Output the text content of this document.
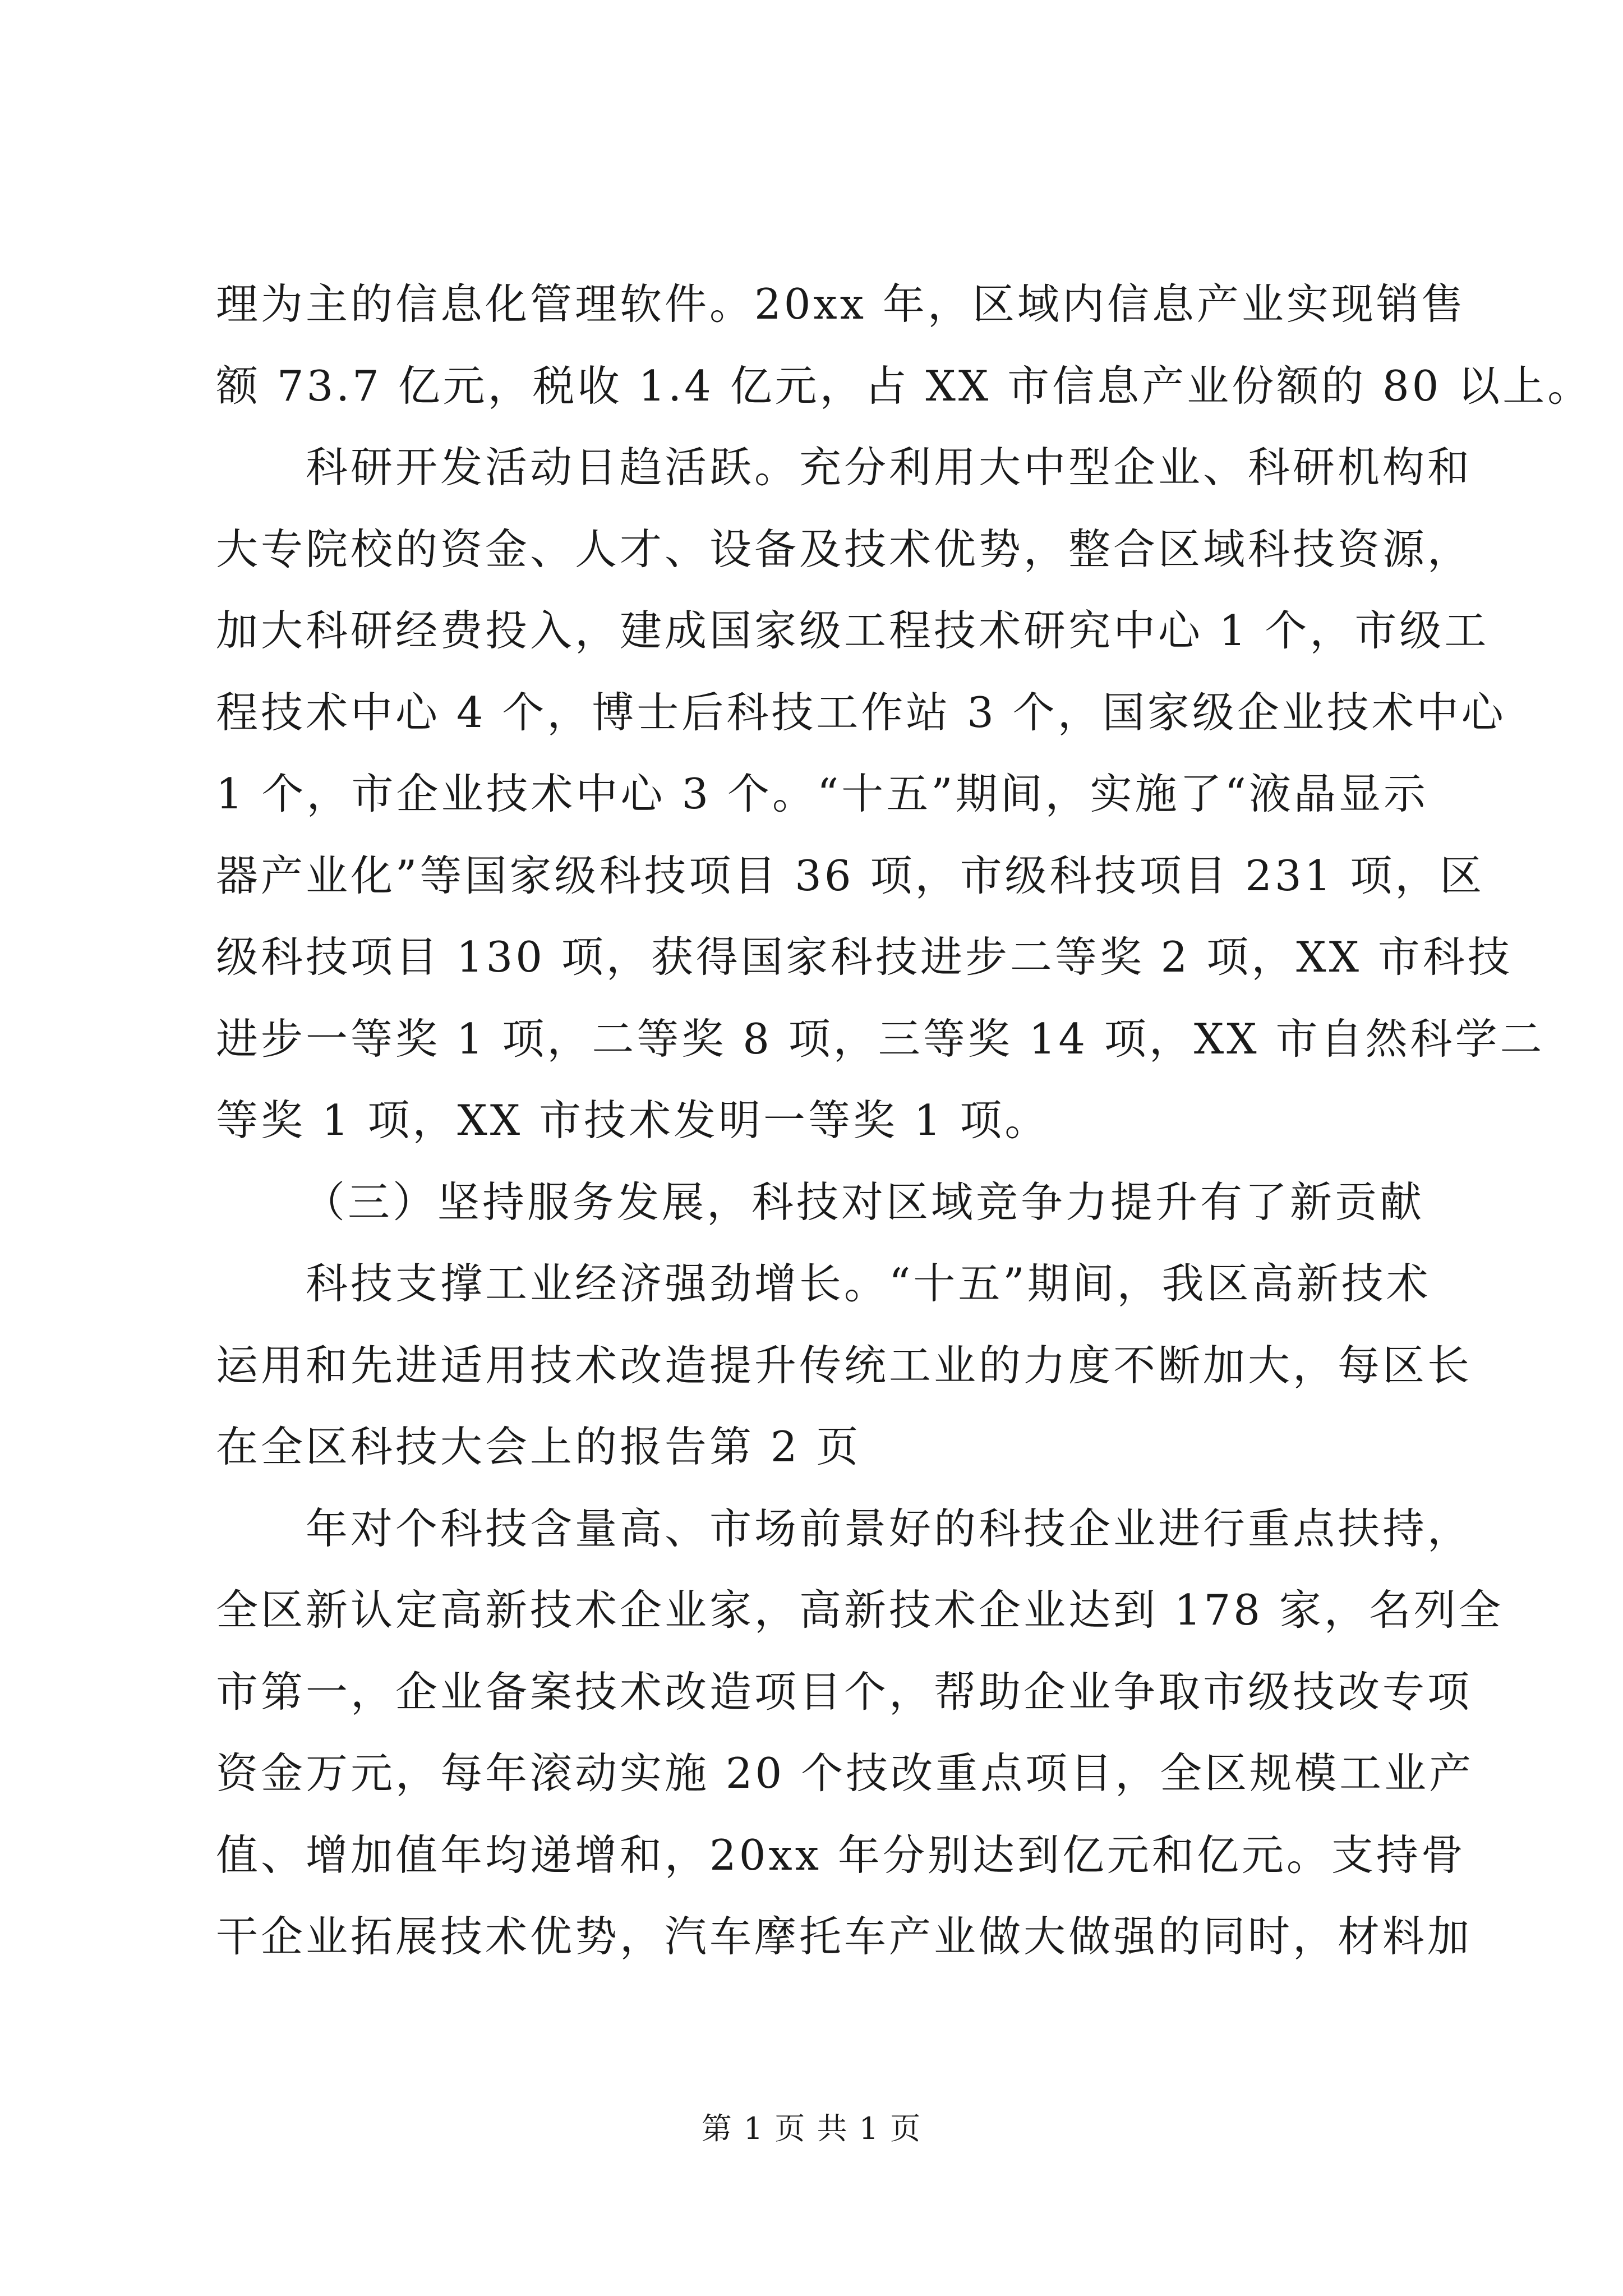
理为主的信息化管理软件。20xx 年，区域内信息产业实现销售
额 73.7 亿元，税收 1.4 亿元，占 XX 市信息产业份额的 80 以上。
科研开发活动日趋活跃。充分利用大中型企业、科研机构和
大专院校的资金、人才、设备及技术优势，整合区域科技资源，
加大科研经费投入，建成国家级工程技术研究中心 1 个，市级工
程技术中心 4 个，博士后科技工作站 3 个，国家级企业技术中心
1 个，市企业技术中心 3 个。“十五”期间，实施了“液晶显示
器产业化”等国家级科技项目 36 项，市级科技项目 231 项，区
级科技项目 130 项，获得国家科技进步二等奖 2 项，XX 市科技
进步一等奖 1 项，二等奖 8 项，三等奖 14 项，XX 市自然科学二
等奖 1 项，XX 市技术发明一等奖 1 项。
（三）坚持服务发展，科技对区域竞争力提升有了新贡献
科技支撑工业经济强劲增长。“十五”期间，我区高新技术
运用和先进适用技术改造提升传统工业的力度不断加大，每区长
在全区科技大会上的报告第 2 页
年对个科技含量高、市场前景好的科技企业进行重点扶持，
全区新认定高新技术企业家，高新技术企业达到 178 家，名列全
市第一，企业备案技术改造项目个，帮助企业争取市级技改专项
资金万元，每年滚动实施 20 个技改重点项目，全区规模工业产
值、增加值年均递增和，20xx 年分别达到亿元和亿元。支持骨
干企业拓展技术优势，汽车摩托车产业做大做强的同时，材料加
第 1 页 共 1 页
